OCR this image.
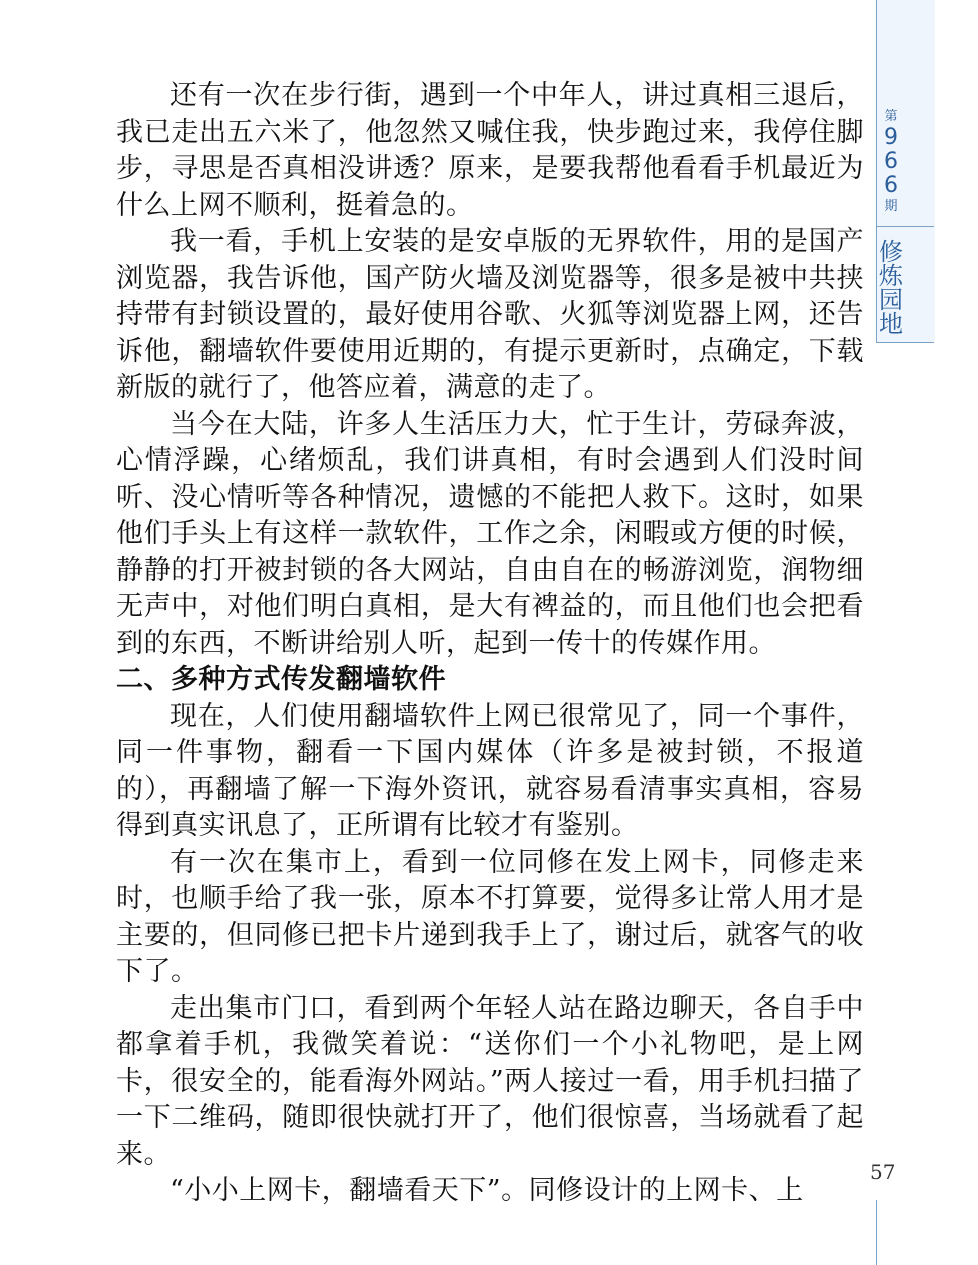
还有一次在步行街，遇到一个中年人，讲过真相三退后，我已走出五六米了，他忽然又喊住我，快步跑过来，我停住脚步，寻思是否真相没讲透？原来，是要我帮他看看手机最近为什么上网不顺利，挺着急的。

我一看，手机上安装的是安卓版的无界软件，用的是国产浏览器，我告诉他，国产防火墙及浏览器等，很多是被中共挟持带有封锁设置的，最好使用谷歌、火狐等浏览器上网，还告诉他，翻墙软件要使用近期的，有提示更新时，点确定，下载新版的就行了，他答应着，满意的走了。

当今在大陆，许多人生活压力大，忙于生计，劳碌奔波，心情浮躁，心绪烦乱，我们讲真相，有时会遇到人们没时间听、没心情听等各种情况，遗憾的不能把人救下。这时，如果他们手头上有这样一款软件，工作之余，闲暇或方便的时候，静静的打开被封锁的各大网站，自由自在的畅游浏览，润物细无声中，对他们明白真相，是大有裨益的，而且他们也会把看到的东西，不断讲给别人听，起到一传十的传媒作用。

二、多种方式传发翻墙软件

现在，人们使用翻墙软件上网已很常见了，同一个事件，同一件事物，翻看一下国内媒体（许多是被封锁，不报道的），再翻墙了解一下海外资讯，就容易看清事实真相，容易得到真实讯息了，正所谓有比较才有鉴别。

有一次在集市上，看到一位同修在发上网卡，同修走来时，也顺手给了我一张，原本不打算要，觉得多让常人用才是主要的，但同修已把卡片递到我手上了，谢过后，就客气的收下了。

走出集市门口，看到两个年轻人站在路边聊天，各自手中都拿着手机，我微笑着说：“送你们一个小礼物吧，是上网卡，很安全的，能看海外网站。”两人接过一看，用手机扫描了一下二维码，随即很快就打开了，他们很惊喜，当场就看了起来。

“小小上网卡，翻墙看天下”。同修设计的上网卡、上

第
9
6
6
期
修
炼
园
地
57
